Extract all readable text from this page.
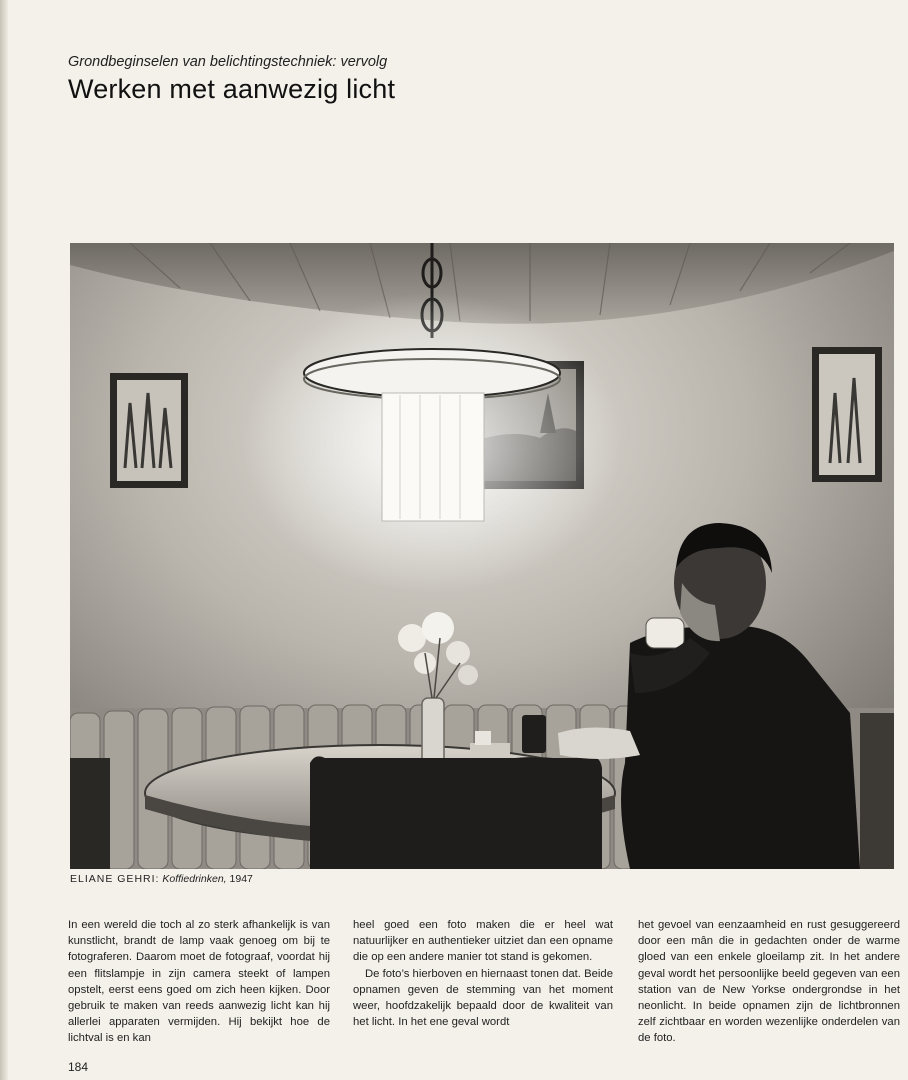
Grondbeginselen van belichtingstechniek: vervolg
Werken met aanwezig licht
ELIANE GEHRI: Koffiedrinken, 1947

In een wereld die toch al zo sterk afhankelijk is van kunstlicht, brandt de lamp vaak genoeg om bij te fotograferen. Daarom moet de fotograaf, voordat hij een flitslampje in zijn camera steekt of lampen opstelt, eerst eens goed om zich heen kijken. Door gebruik te maken van reeds aanwezig licht kan hij allerlei apparaten vermijden. Hij bekijkt hoe de lichtval is en kan

heel goed een foto maken die er heel wat natuurlijker en authentieker uitziet dan een opname die op een andere manier tot stand is gekomen.

De foto’s hierboven en hiernaast tonen dat. Beide opnamen geven de stemming van het moment weer, hoofdzakelijk bepaald door de kwaliteit van het licht. In het ene geval wordt

het gevoel van eenzaamheid en rust gesuggereerd door een mân die in gedachten onder de warme gloed van een enkele gloeilamp zit. In het andere geval wordt het persoonlijke beeld gegeven van een station van de New Yorkse ondergrondse in het neonlicht. In beide opnamen zijn de lichtbronnen zelf zichtbaar en worden wezenlijke onderdelen van de foto.

184
